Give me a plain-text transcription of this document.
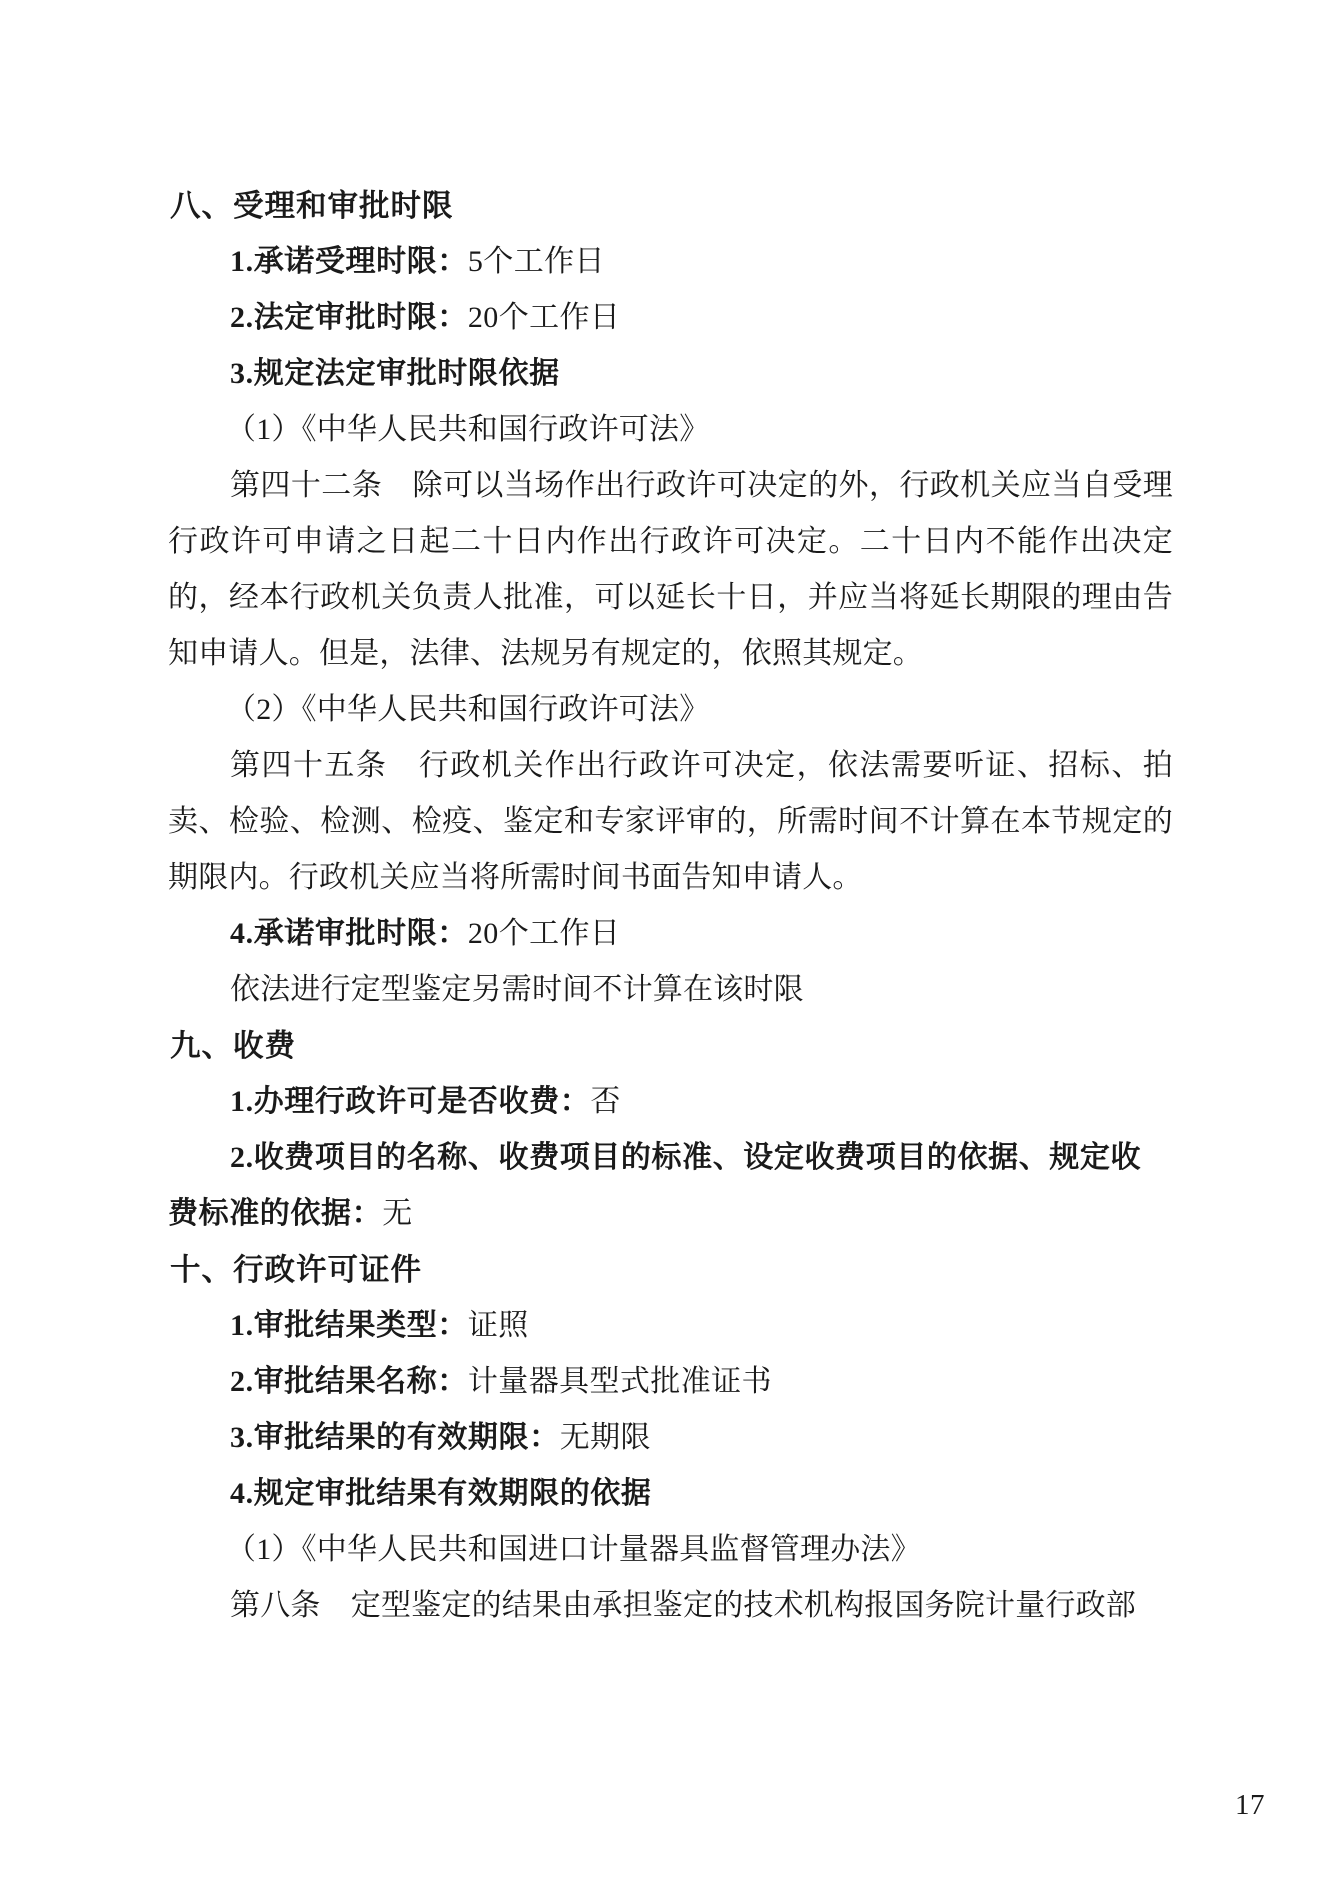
八、受理和审批时限
1.承诺受理时限：5个工作日
2.法定审批时限：20个工作日
3.规定法定审批时限依据
（1）《中华人民共和国行政许可法》
第四十二条　除可以当场作出行政许可决定的外，行政机关应当自受理行政许可申请之日起二十日内作出行政许可决定。二十日内不能作出决定的，经本行政机关负责人批准，可以延长十日，并应当将延长期限的理由告知申请人。但是，法律、法规另有规定的，依照其规定。
（2）《中华人民共和国行政许可法》
第四十五条　行政机关作出行政许可决定，依法需要听证、招标、拍卖、检验、检测、检疫、鉴定和专家评审的，所需时间不计算在本节规定的期限内。行政机关应当将所需时间书面告知申请人。
4.承诺审批时限：20个工作日
依法进行定型鉴定另需时间不计算在该时限
九、收费
1.办理行政许可是否收费：否
2.收费项目的名称、收费项目的标准、设定收费项目的依据、规定收
费标准的依据：无
十、行政许可证件
1.审批结果类型：证照
2.审批结果名称：计量器具型式批准证书
3.审批结果的有效期限：无期限
4.规定审批结果有效期限的依据
（1）《中华人民共和国进口计量器具监督管理办法》
第八条　定型鉴定的结果由承担鉴定的技术机构报国务院计量行政部
17
